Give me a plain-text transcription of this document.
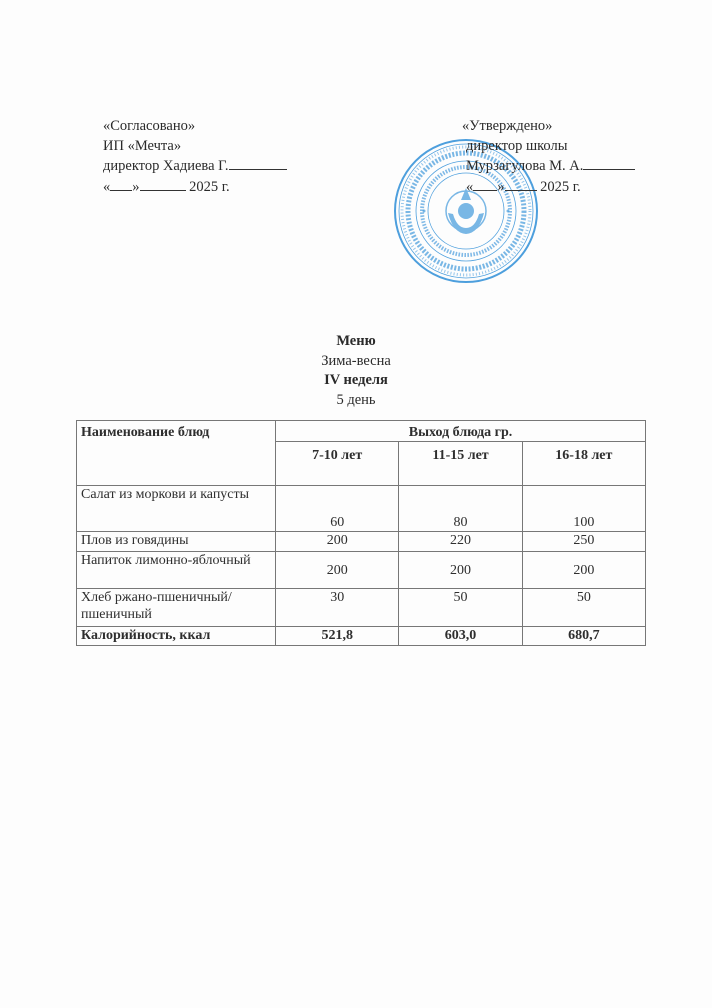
«Согласовано»
ИП «Мечта»
директор Хадиева Г.
« »	2025 г.
«Утверждено»
директор школы
Мурзагулова М. А.
« » 2025 г.
Меню
Зима-весна
IV неделя
5 день
Наименование блюд	Выход блюда гр.		
	7-10 лет	11-15 лет	16-18 лет
Салат из моркови и капусты	60	80	100
Плов из говядины	200	220	250
Напиток лимонно-яблочный	200	200	200
Хлеб ржано-пшеничный/пшеничный	30	50	50
Калорийность, ккал	521,8	603,0	680,7
